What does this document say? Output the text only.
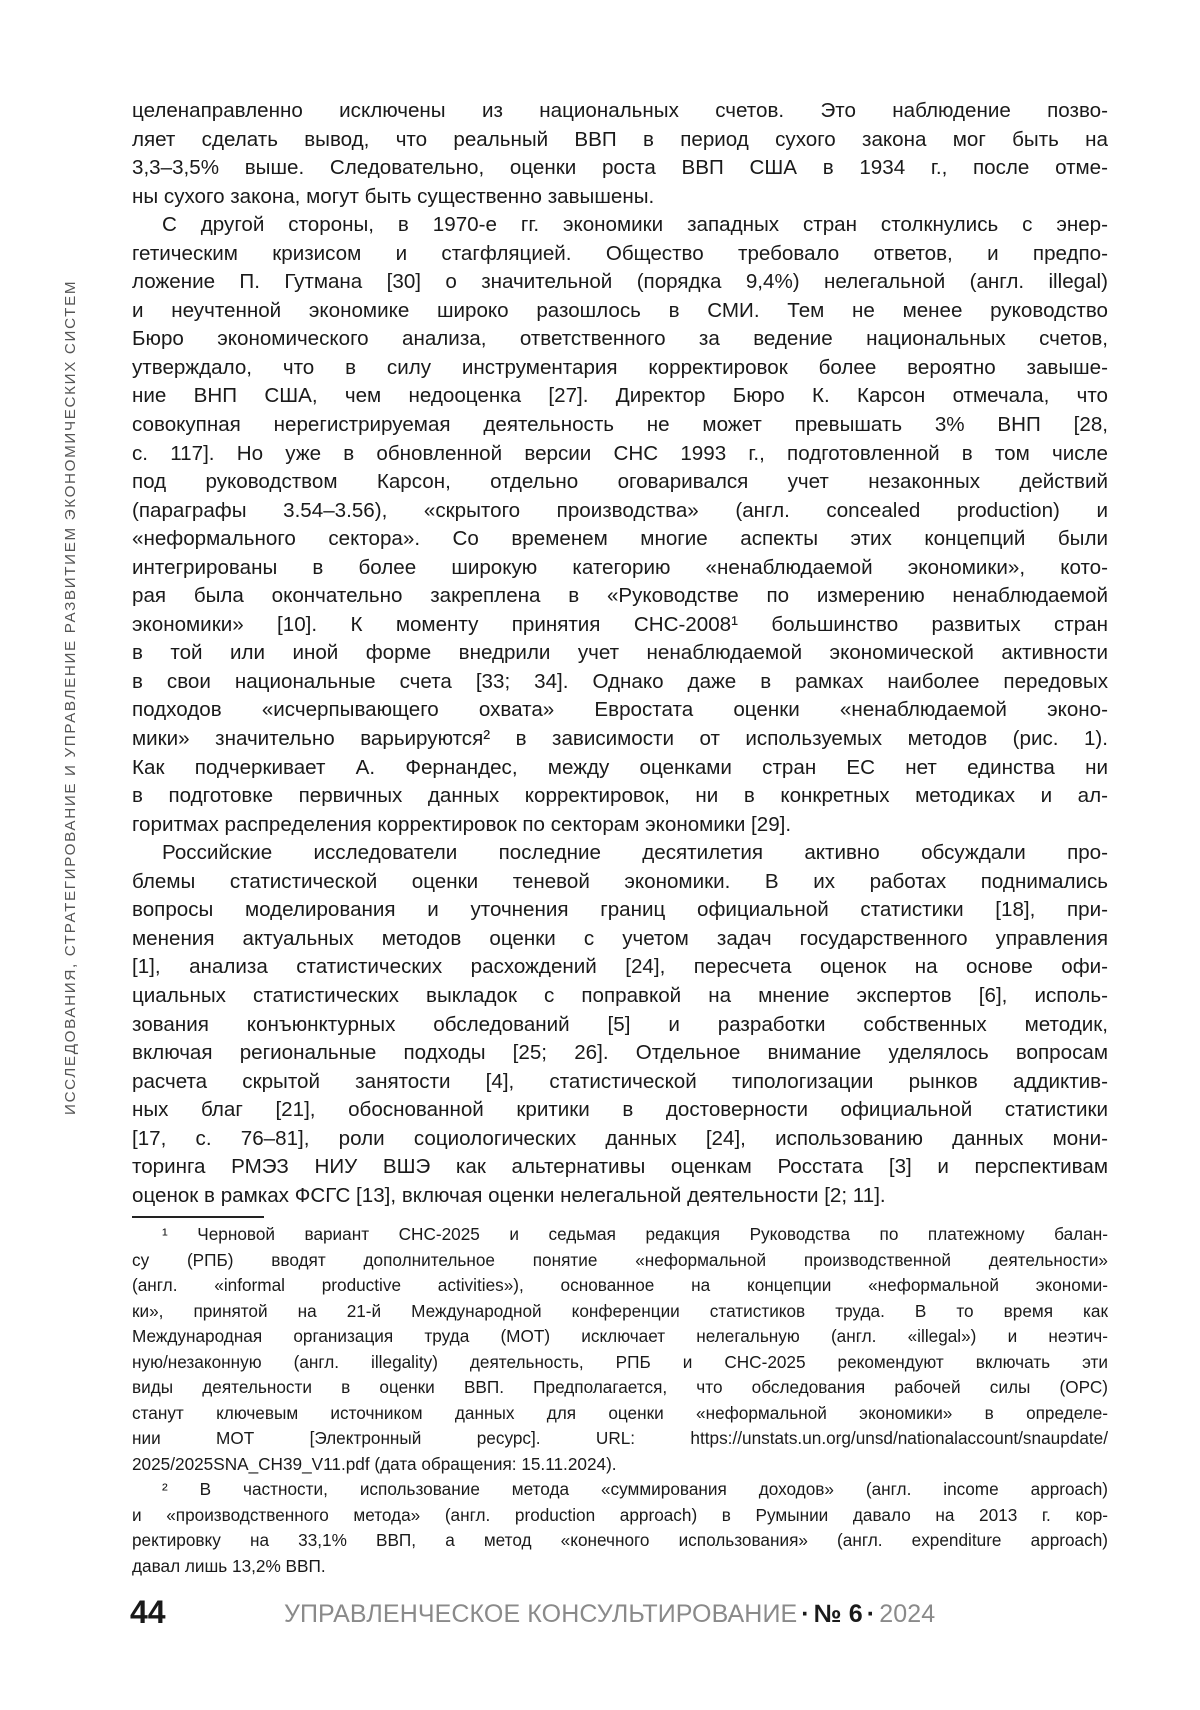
ИССЛЕДОВАНИЯ, СТРАТЕГИРОВАНИЕ И УПРАВЛЕНИЕ РАЗВИТИЕМ ЭКОНОМИЧЕСКИХ СИСТЕМ

целенаправленно исключены из национальных счетов. Это наблюдение позво-

ляет сделать вывод, что реальный ВВП в период сухого закона мог быть на

3,3–3,5% выше. Следовательно, оценки роста ВВП США в 1934 г., после отме-

ны сухого закона, могут быть существенно завышены.

С другой стороны, в 1970-е гг. экономики западных стран столкнулись с энер-

гетическим кризисом и стагфляцией. Общество требовало ответов, и предпо-

ложение П. Гутмана [30] о значительной (порядка 9,4%) нелегальной (англ. illegal)

и неучтенной экономике широко разошлось в СМИ. Тем не менее руководство

Бюро экономического анализа, ответственного за ведение национальных счетов,

утверждало, что в силу инструментария корректировок более вероятно завыше-

ние ВНП США, чем недооценка [27]. Директор Бюро К. Карсон отмечала, что

совокупная нерегистрируемая деятельность не может превышать 3% ВНП [28,

с. 117]. Но уже в обновленной версии СНС 1993 г., подготовленной в том числе

под руководством Карсон, отдельно оговаривался учет незаконных действий

(параграфы 3.54–3.56), «скрытого производства» (англ. concealed production) и

«неформального сектора». Со временем многие аспекты этих концепций были

интегрированы в более широкую категорию «ненаблюдаемой экономики», кото-

рая была окончательно закреплена в «Руководстве по измерению ненаблюдаемой

экономики» [10]. К моменту принятия СНС-2008¹ большинство развитых стран

в той или иной форме внедрили учет ненаблюдаемой экономической активности

в свои национальные счета [33; 34]. Однако даже в рамках наиболее передовых

подходов «исчерпывающего охвата» Евростата оценки «ненаблюдаемой эконо-

мики» значительно варьируются² в зависимости от используемых методов (рис. 1).

Как подчеркивает А. Фернандес, между оценками стран ЕС нет единства ни

в подготовке первичных данных корректировок, ни в конкретных методиках и ал-

горитмах распределения корректировок по секторам экономики [29].

Российские исследователи последние десятилетия активно обсуждали про-

блемы статистической оценки теневой экономики. В их работах поднимались

вопросы моделирования и уточнения границ официальной статистики [18], при-

менения актуальных методов оценки с учетом задач государственного управления

[1], анализа статистических расхождений [24], пересчета оценок на основе офи-

циальных статистических выкладок с поправкой на мнение экспертов [6], исполь-

зования конъюнктурных обследований [5] и разработки собственных методик,

включая региональные подходы [25; 26]. Отдельное внимание уделялось вопросам

расчета скрытой занятости [4], статистической типологизации рынков аддиктив-

ных благ [21], обоснованной критики в достоверности официальной статистики

[17, с. 76–81], роли социологических данных [24], использованию данных мони-

торинга РМЭЗ НИУ ВШЭ как альтернативы оценкам Росстата [3] и перспективам

оценок в рамках ФСГС [13], включая оценки нелегальной деятельности [2; 11].

¹ Черновой вариант СНС-2025 и седьмая редакция Руководства по платежному балан-

су (РПБ) вводят дополнительное понятие «неформальной производственной деятельности»

(англ. «informal productive activities»), основанное на концепции «неформальной экономи-

ки», принятой на 21-й Международной конференции статистиков труда. В то время как

Международная организация труда (МОТ) исключает нелегальную (англ. «illegal») и неэтич-

ную/незаконную (англ. illegality) деятельность, РПБ и СНС-2025 рекомендуют включать эти

виды деятельности в оценки ВВП. Предполагается, что обследования рабочей силы (ОРС)

станут ключевым источником данных для оценки «неформальной экономики» в определе-

нии МОТ [Электронный ресурс]. URL: https://unstats.un.org/unsd/nationalaccount/snaupdate/

2025/2025SNA_CH39_V11.pdf (дата обращения: 15.11.2024).

² В частности, использование метода «суммирования доходов» (англ. income approach)

и «производственного метода» (англ. production approach) в Румынии давало на 2013 г. кор-

ректировку на 33,1% ВВП, а метод «конечного использования» (англ. expenditure approach)

давал лишь 13,2% ВВП.

44	УПРАВЛЕНЧЕСКОЕ КОНСУЛЬТИРОВАНИЕ · № 6 · 2024
